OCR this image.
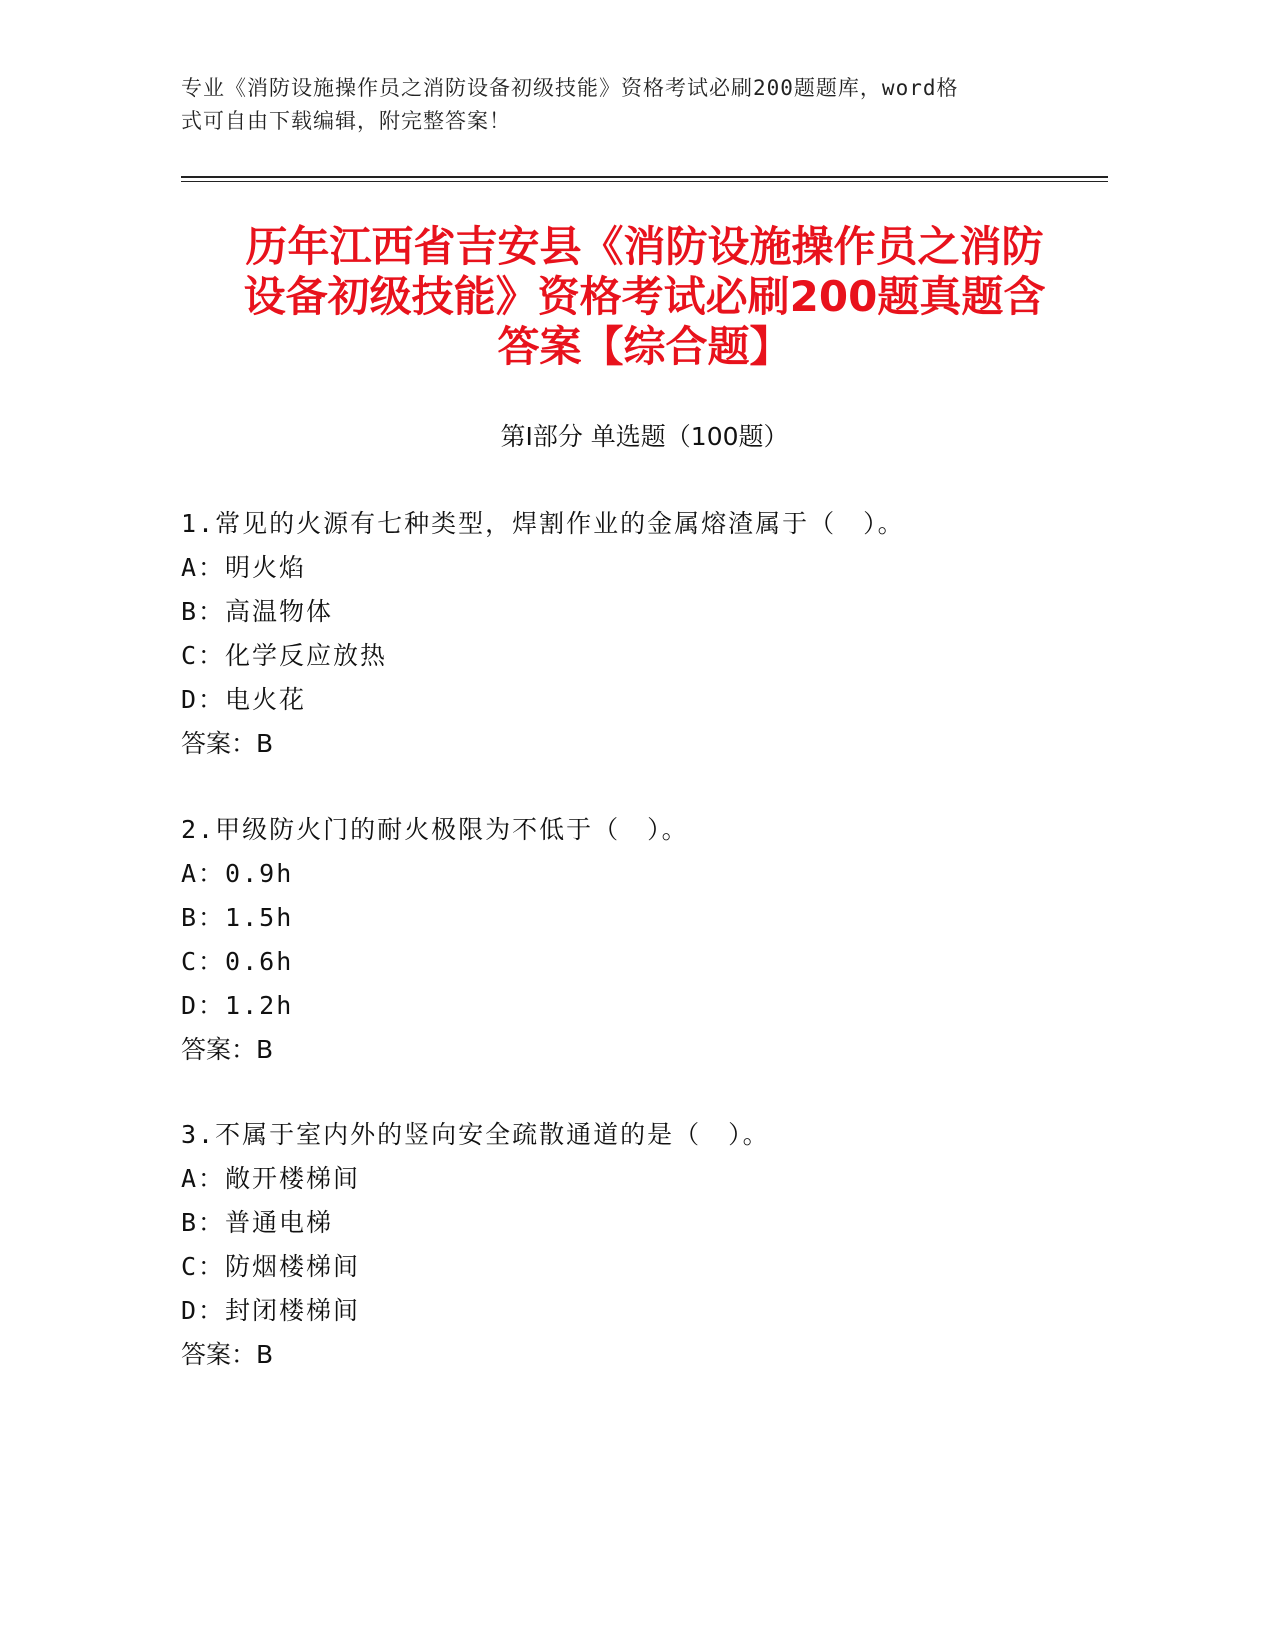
专业《消防设施操作员之消防设备初级技能》资格考试必刷200题题库，word格
式可自由下载编辑，附完整答案！
历年江西省吉安县《消防设施操作员之消防
设备初级技能》资格考试必刷200题真题含
答案【综合题】
第Ⅰ部分 单选题（100题）
1.常见的火源有七种类型，焊割作业的金属熔渣属于（　）。
A：明火焰
B：高温物体
C：化学反应放热
D：电火花
答案：B
2.甲级防火门的耐火极限为不低于（　）。
A：0.9h
B：1.5h
C：0.6h
D：1.2h
答案：B
3.不属于室内外的竖向安全疏散通道的是（　）。
A：敞开楼梯间
B：普通电梯
C：防烟楼梯间
D：封闭楼梯间
答案：B
